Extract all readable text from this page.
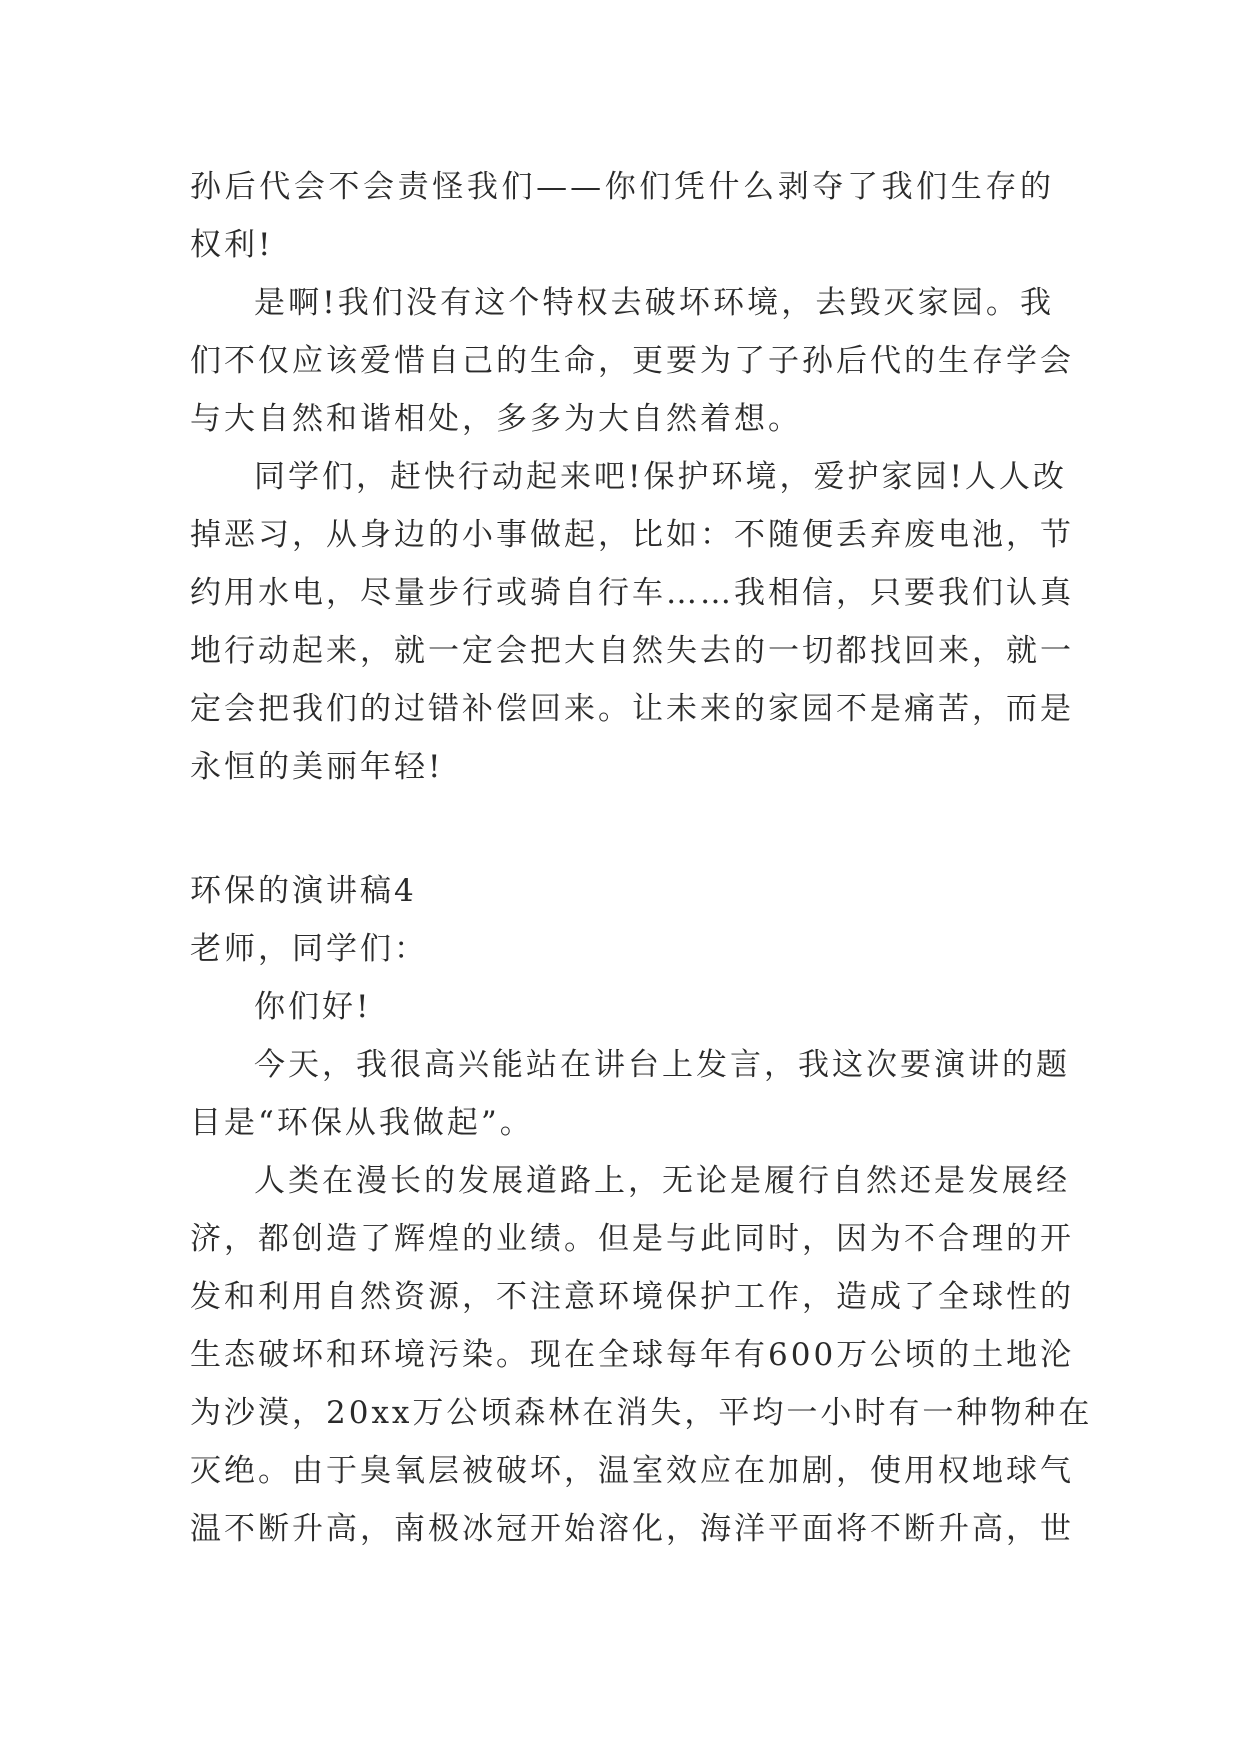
孙后代会不会责怪我们——你们凭什么剥夺了我们生存的
权利!
是啊!我们没有这个特权去破坏环境，去毁灭家园。我
们不仅应该爱惜自己的生命，更要为了子孙后代的生存学会
与大自然和谐相处，多多为大自然着想。
同学们，赶快行动起来吧!保护环境，爱护家园!人人改
掉恶习，从身边的小事做起，比如：不随便丢弃废电池，节
约用水电，尽量步行或骑自行车……我相信，只要我们认真
地行动起来，就一定会把大自然失去的一切都找回来，就一
定会把我们的过错补偿回来。让未来的家园不是痛苦，而是
永恒的美丽年轻!
环保的演讲稿4
老师，同学们：
你们好!
今天，我很高兴能站在讲台上发言，我这次要演讲的题
目是“环保从我做起”。
人类在漫长的发展道路上，无论是履行自然还是发展经
济，都创造了辉煌的业绩。但是与此同时，因为不合理的开
发和利用自然资源，不注意环境保护工作，造成了全球性的
生态破坏和环境污染。现在全球每年有600万公顷的土地沦
为沙漠，20xx万公顷森林在消失，平均一小时有一种物种在
灭绝。由于臭氧层被破坏，温室效应在加剧，使用权地球气
温不断升高，南极冰冠开始溶化，海洋平面将不断升高，世
